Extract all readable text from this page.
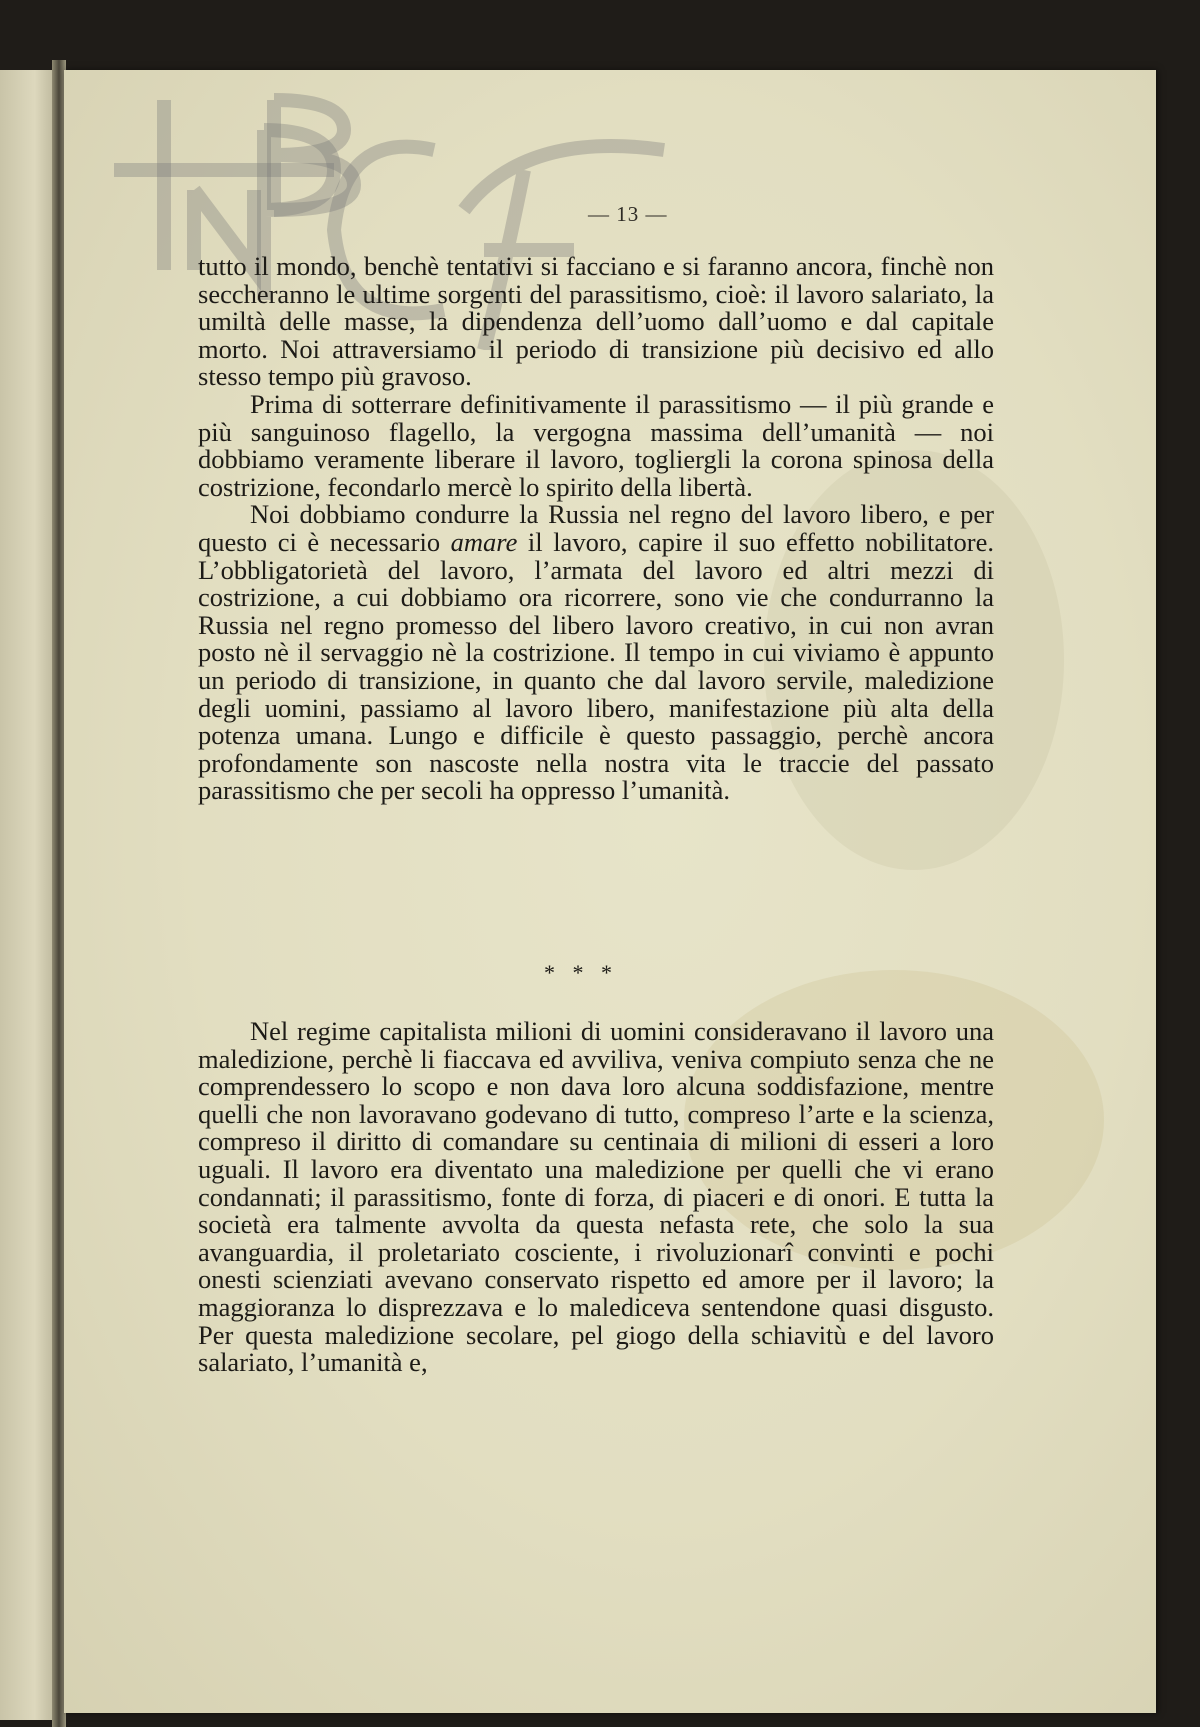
— 13 —

tutto il mondo, benchè tentativi si facciano e si faranno ancora, finchè non seccheranno le ultime sorgenti del parassitismo, cioè: il lavoro salariato, la umiltà delle masse, la dipendenza dell’uomo dall’uomo e dal capitale morto. Noi attraversiamo il periodo di transizione più decisivo ed allo stesso tempo più gravoso.

Prima di sotterrare definitivamente il parassitismo — il più grande e più sanguinoso flagello, la vergogna massima dell’umanità — noi dobbiamo veramente liberare il lavoro, togliergli la corona spinosa della costrizione, fecondarlo mercè lo spirito della libertà.

Noi dobbiamo condurre la Russia nel regno del lavoro libero, e per questo ci è necessario amare il lavoro, capire il suo effetto nobilitatore. L’obbligatorietà del lavoro, l’armata del lavoro ed altri mezzi di costrizione, a cui dobbiamo ora ricorrere, sono vie che condurranno la Russia nel regno promesso del libero lavoro creativo, in cui non avran posto nè il servaggio nè la costrizione. Il tempo in cui viviamo è appunto un periodo di transizione, in quanto che dal lavoro servile, maledizione degli uomini, passiamo al lavoro libero, manifestazione più alta della potenza umana. Lungo e difficile è questo passaggio, perchè ancora profondamente son nascoste nella nostra vita le traccie del passato parassitismo che per secoli ha oppresso l’umanità.

* * *

Nel regime capitalista milioni di uomini consideravano il lavoro una maledizione, perchè li fiaccava ed avviliva, veniva compiuto senza che ne comprendessero lo scopo e non dava loro alcuna soddisfazione, mentre quelli che non lavoravano godevano di tutto, compreso l’arte e la scienza, compreso il diritto di comandare su centinaia di milioni di esseri a loro uguali. Il lavoro era diventato una maledizione per quelli che vi erano condannati; il parassitismo, fonte di forza, di piaceri e di onori. E tutta la società era talmente avvolta da questa nefasta rete, che solo la sua avanguardia, il proletariato cosciente, i rivoluzionarî convinti e pochi onesti scienziati avevano conservato rispetto ed amore per il lavoro; la maggioranza lo disprezzava e lo malediceva sentendone quasi disgusto. Per questa maledizione secolare, pel giogo della schiavitù e del lavoro salariato, l’umanità e,
